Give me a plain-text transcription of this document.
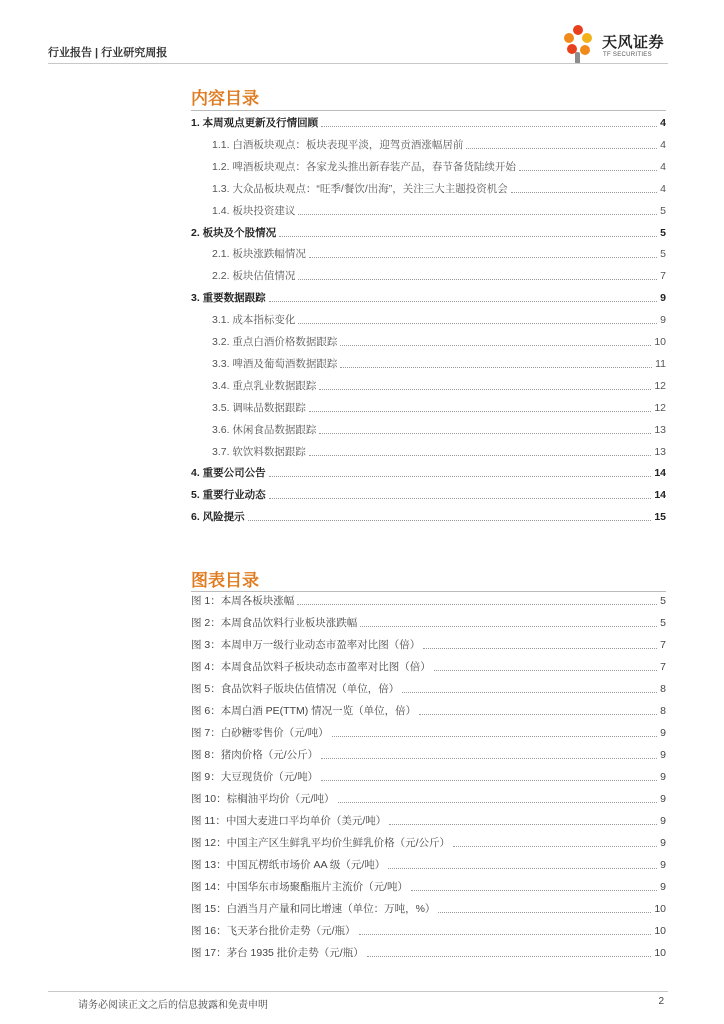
行业报告 | 行业研究周报
天风证券
TF SECURITIES
内容目录
1. 本周观点更新及行情回顾	4
1.1. 白酒板块观点：板块表现平淡，迎驾贡酒涨幅居前	4
1.2. 啤酒板块观点：各家龙头推出新春装产品，春节备货陆续开始	4
1.3. 大众品板块观点：“旺季/餐饮/出海”，关注三大主题投资机会	4
1.4. 板块投资建议	5
2. 板块及个股情况	5
2.1. 板块涨跌幅情况	5
2.2. 板块估值情况	7
3. 重要数据跟踪	9
3.1. 成本指标变化	9
3.2. 重点白酒价格数据跟踪	10
3.3. 啤酒及葡萄酒数据跟踪	11
3.4. 重点乳业数据跟踪	12
3.5. 调味品数据跟踪	12
3.6. 休闲食品数据跟踪	13
3.7. 软饮料数据跟踪	13
4. 重要公司公告	14
5. 重要行业动态	14
6. 风险提示	15
图表目录
图 1：本周各板块涨幅	5
图 2：本周食品饮料行业板块涨跌幅	5
图 3：本周申万一级行业动态市盈率对比图（倍）	7
图 4：本周食品饮料子板块动态市盈率对比图（倍）	7
图 5：食品饮料子版块估值情况（单位，倍）	8
图 6：本周白酒 PE(TTM) 情况一览（单位，倍）	8
图 7：白砂糖零售价（元/吨）	9
图 8：猪肉价格（元/公斤）	9
图 9：大豆现货价（元/吨）	9
图 10：棕榈油平均价（元/吨）	9
图 11：中国大麦进口平均单价（美元/吨）	9
图 12：中国主产区生鲜乳平均价生鲜乳价格（元/公斤）	9
图 13：中国瓦楞纸市场价 AA 级（元/吨）	9
图 14：中国华东市场聚酯瓶片主流价（元/吨）	9
图 15：白酒当月产量和同比增速（单位：万吨，%）	10
图 16：飞天茅台批价走势（元/瓶）	10
图 17：茅台 1935 批价走势（元/瓶）	10
请务必阅读正文之后的信息披露和免责申明	2
